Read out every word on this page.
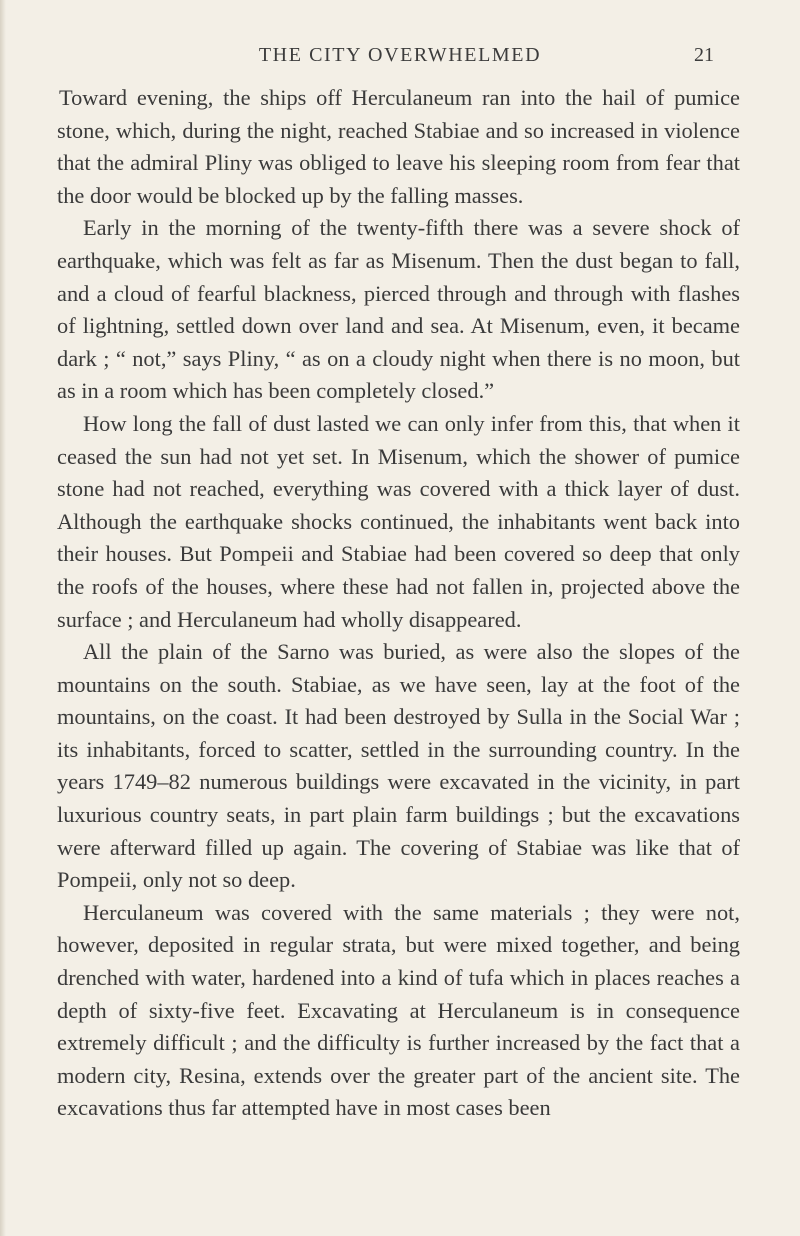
THE CITY OVERWHELMED	21

Toward evening, the ships off Herculaneum ran into the hail of pumice stone, which, during the night, reached Stabiae and so increased in violence that the admiral Pliny was obliged to leave his sleeping room from fear that the door would be blocked up by the falling masses.

Early in the morning of the twenty-fifth there was a severe shock of earthquake, which was felt as far as Misenum. Then the dust began to fall, and a cloud of fearful blackness, pierced through and through with flashes of lightning, settled down over land and sea. At Misenum, even, it became dark ; “ not,” says Pliny, “ as on a cloudy night when there is no moon, but as in a room which has been completely closed.”

How long the fall of dust lasted we can only infer from this, that when it ceased the sun had not yet set. In Misenum, which the shower of pumice stone had not reached, everything was covered with a thick layer of dust. Although the earthquake shocks continued, the inhabitants went back into their houses. But Pompeii and Stabiae had been covered so deep that only the roofs of the houses, where these had not fallen in, projected above the surface ; and Herculaneum had wholly disappeared.

All the plain of the Sarno was buried, as were also the slopes of the mountains on the south. Stabiae, as we have seen, lay at the foot of the mountains, on the coast. It had been destroyed by Sulla in the Social War ; its inhabitants, forced to scatter, settled in the surrounding country. In the years 1749–82 numerous buildings were excavated in the vicinity, in part luxurious country seats, in part plain farm buildings ; but the excavations were afterward filled up again. The covering of Stabiae was like that of Pompeii, only not so deep.

Herculaneum was covered with the same materials ; they were not, however, deposited in regular strata, but were mixed together, and being drenched with water, hardened into a kind of tufa which in places reaches a depth of sixty-five feet. Excavating at Herculaneum is in consequence extremely difficult ; and the difficulty is further increased by the fact that a modern city, Resina, extends over the greater part of the ancient site. The excavations thus far attempted have in most cases been
